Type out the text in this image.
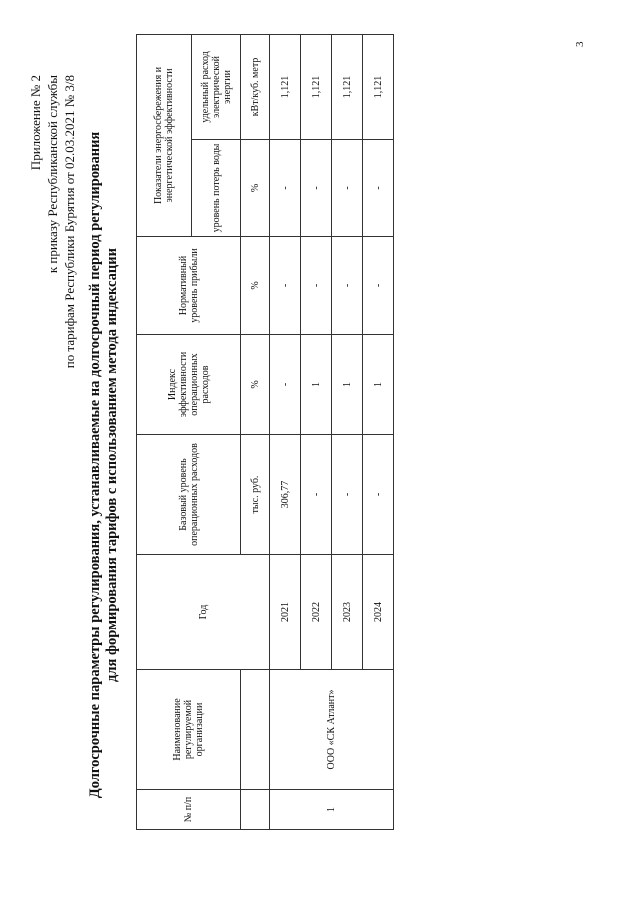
3
Приложение № 2 к приказу Республиканской службы по тарифам Республики Бурятия от 02.03.2021 № 3/8 Долгосрочные параметры регулирования, устанавливаемые на долгосрочный период регулирования для формирования тарифов с использованием метода индексации
№ п/п	Наименование регулируемой организации	Год	Базовый уровень операционных расходов	Индекс эффективности операционных расходов	Нормативный уровень прибыли	Показатели энергосбережения и энергетической эффективности	
						уровень потерь воды	удельный расход электрической энергии
			тыс. руб.	%	%	%	кВт/куб. метр
1	ООО «СК Атлант»	2021	306,77	-	-	-	1,121
		2022	-	1	-	-	1,121
		2023	-	1	-	-	1,121
		2024	-	1	-	-	1,121
